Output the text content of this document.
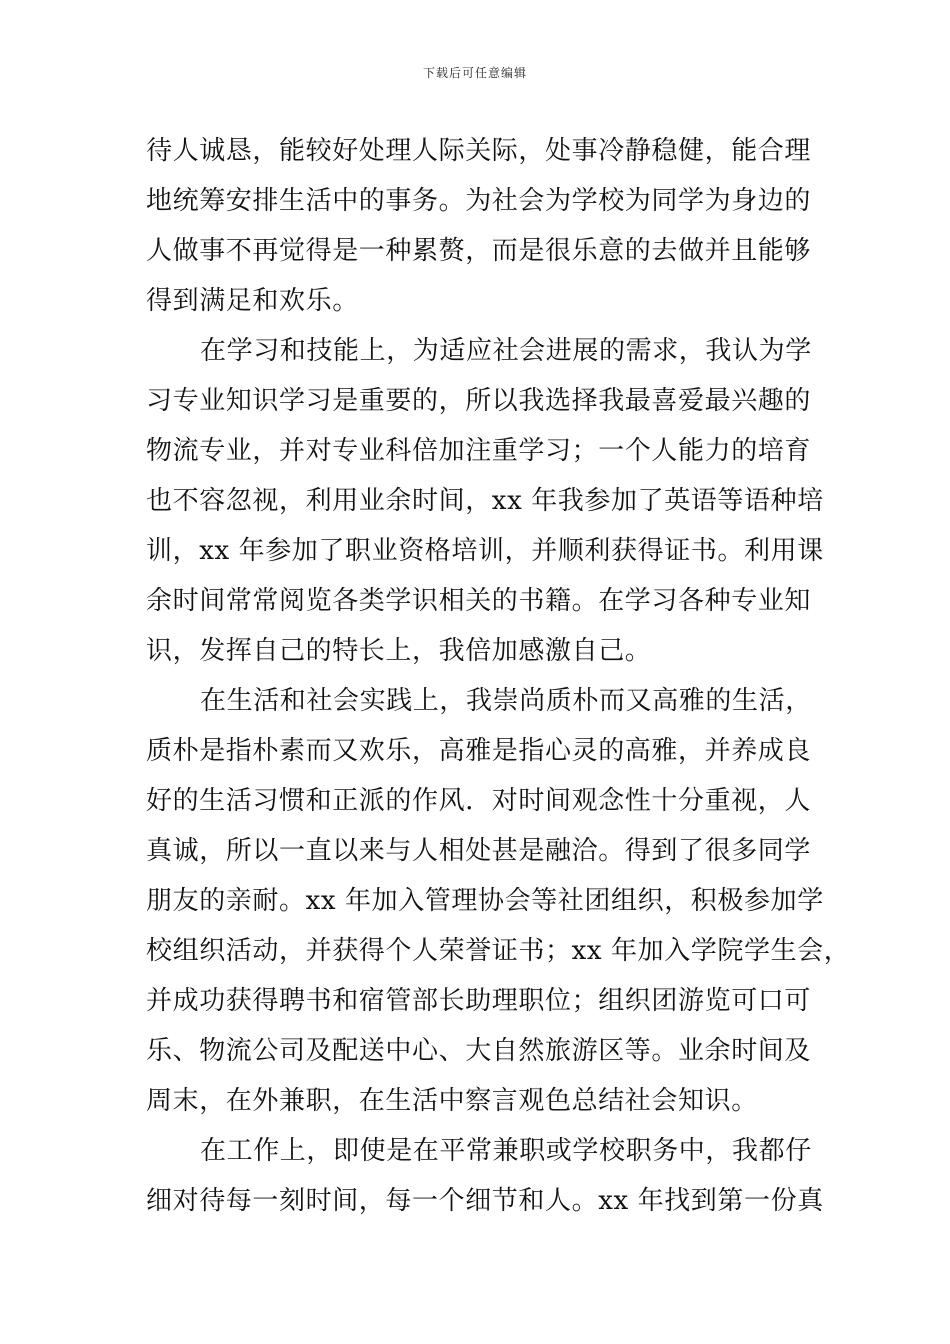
下载后可任意编辑
待人诚恳，能较好处理人际关际，处事冷静稳健，能合理
地统筹安排生活中的事务。为社会为学校为同学为身边的
人做事不再觉得是一种累赘，而是很乐意的去做并且能够
得到满足和欢乐。
在学习和技能上，为适应社会进展的需求，我认为学
习专业知识学习是重要的，所以我选择我最喜爱最兴趣的
物流专业，并对专业科倍加注重学习；一个人能力的培育
也不容忽视，利用业余时间，xx 年我参加了英语等语种培
训，xx 年参加了职业资格培训，并顺利获得证书。利用课
余时间常常阅览各类学识相关的书籍。在学习各种专业知
识，发挥自己的特长上，我倍加感激自己。
在生活和社会实践上，我崇尚质朴而又高雅的生活，
质朴是指朴素而又欢乐，高雅是指心灵的高雅，并养成良
好的生活习惯和正派的作风．对时间观念性十分重视，人
真诚，所以一直以来与人相处甚是融洽。得到了很多同学
朋友的亲耐。xx 年加入管理协会等社团组织，积极参加学
校组织活动，并获得个人荣誉证书；xx 年加入学院学生会，
并成功获得聘书和宿管部长助理职位；组织团游览可口可
乐、物流公司及配送中心、大自然旅游区等。业余时间及
周末，在外兼职，在生活中察言观色总结社会知识。
在工作上，即使是在平常兼职或学校职务中，我都仔
细对待每一刻时间，每一个细节和人。xx 年找到第一份真
